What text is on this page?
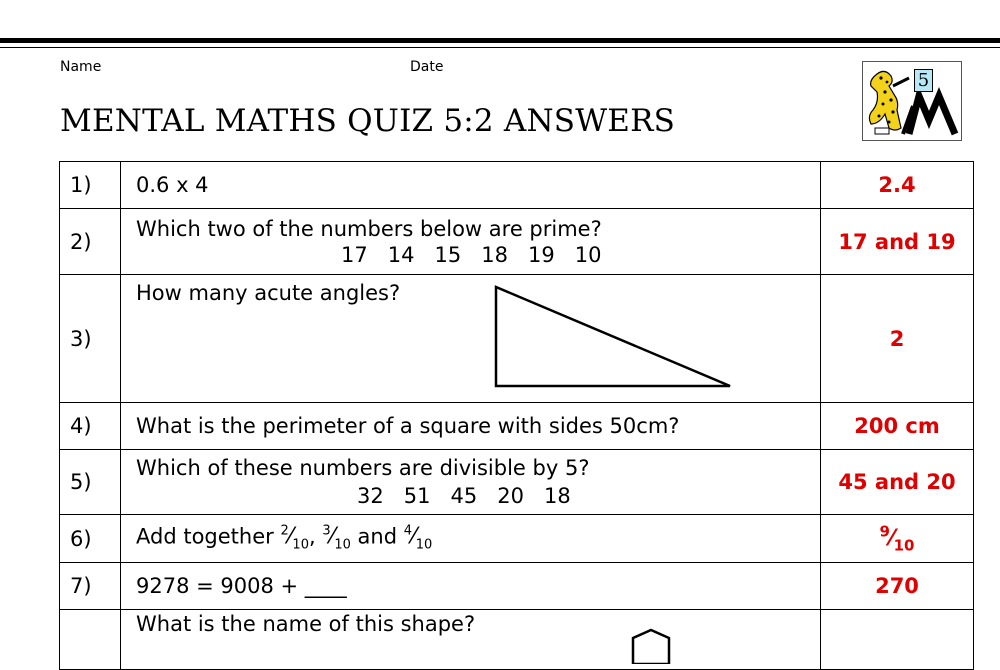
Name	Date
MENTAL MATHS QUIZ 5:2 ANSWERS
5
1)	0.6 x 4	2.4
2)	Which two of the numbers below are prime?
17   14   15   18   19   10	17 and 19
3)	How many acute angles?	2
4)	What is the perimeter of a square with sides 50cm?	200 cm
5)	Which of these numbers are divisible by 5?
32   51   45   20   18	45 and 20
6)	Add together $^2⁄_{10}$, $^3⁄_{10}$ and $^4⁄_{10}$	$^9⁄_{10}$
7)	9278 = 9008 + ____	270

	What is the name of this shape?	
